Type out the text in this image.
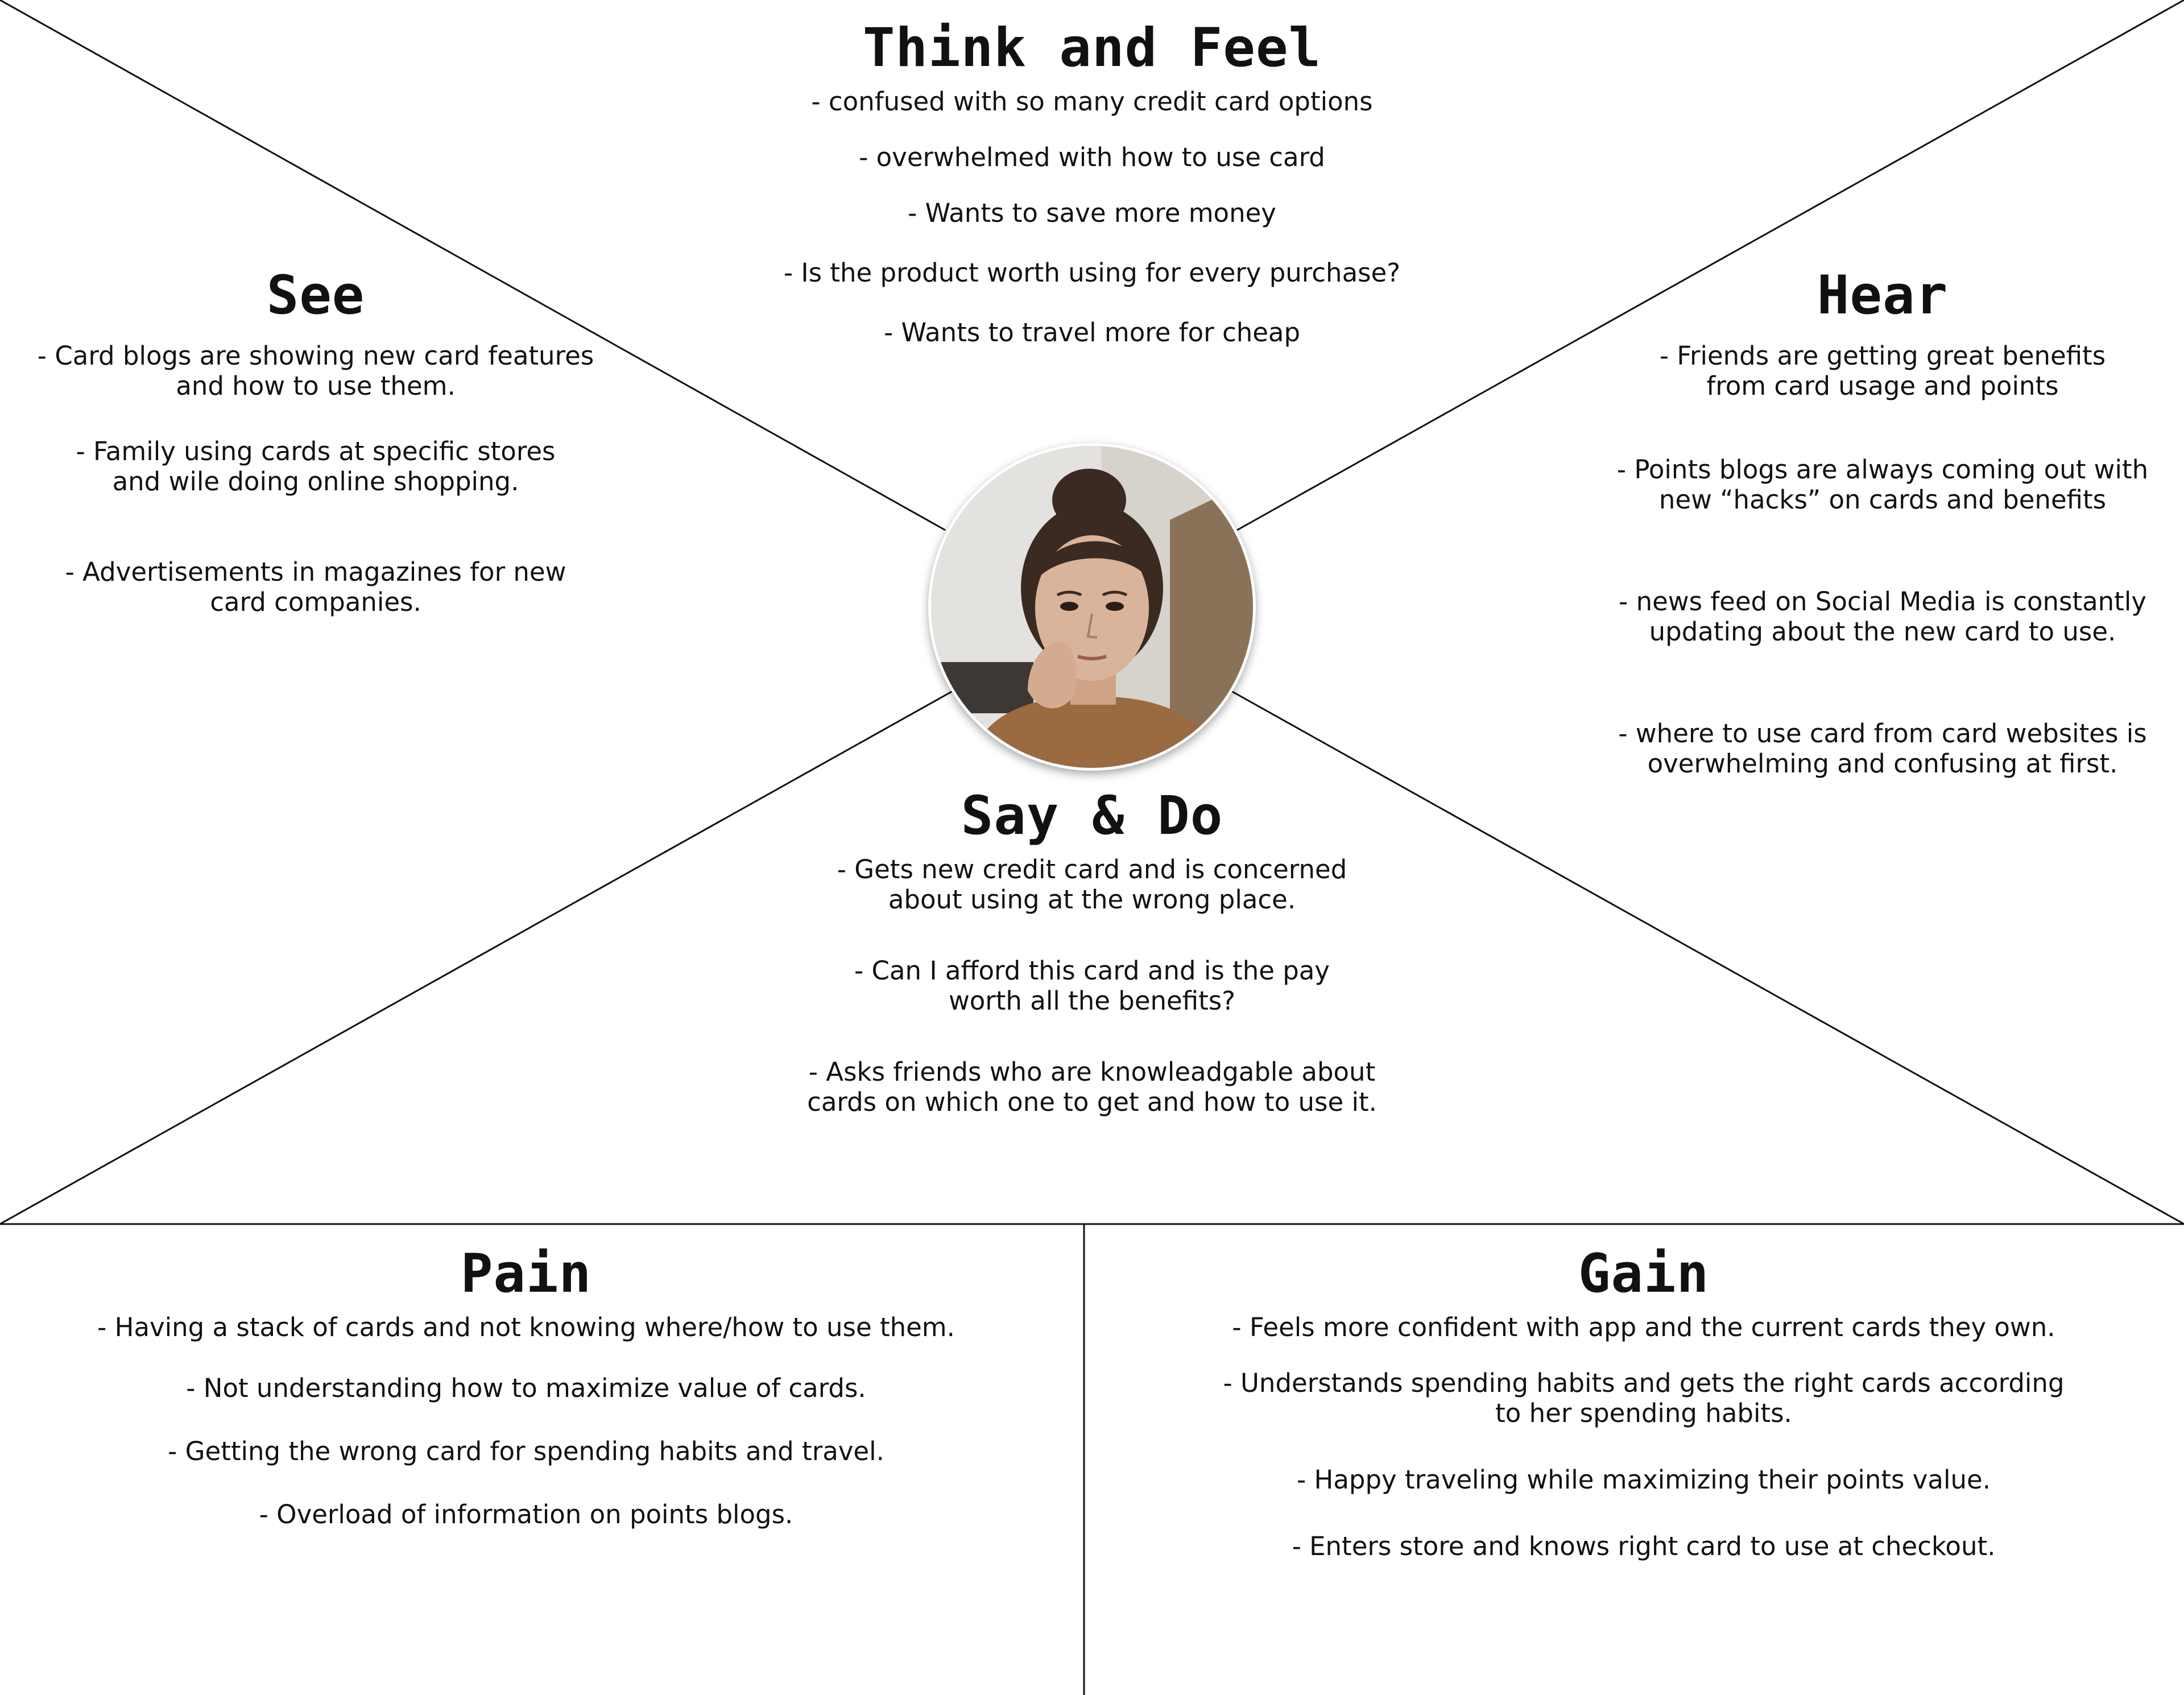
Think and Feel

- confused with so many credit card options

- overwhelmed with how to use card

- Wants to save more money

- Is the product worth using for every purchase?

- Wants to travel more for cheap

See

- Card blogs are showing new card features
and how to use them.

- Family using cards at specific stores
and wile doing online shopping.

- Advertisements in magazines for new
card companies.

Hear

- Friends are getting great benefits
from card usage and points

- Points blogs are always coming out with
new “hacks” on cards and benefits

- news feed on Social Media is constantly
updating about the new card to use.

- where to use card from card websites is
overwhelming and confusing at first.

Say & Do

- Gets new credit card and is concerned
about using at the wrong place.

- Can I afford this card and is the pay
worth all the benefits?

- Asks friends who are knowleadgable about
cards on which one to get and how to use it.

Pain

- Having a stack of cards and not knowing where/how to use them.

- Not understanding how to maximize value of cards.

- Getting the wrong card for spending habits and travel.

- Overload of information on points blogs.

Gain

- Feels more confident with app and the current cards they own.

- Understands spending habits and gets the right cards according
to her spending habits.

- Happy traveling while maximizing their points value.

- Enters store and knows right card to use at checkout.
